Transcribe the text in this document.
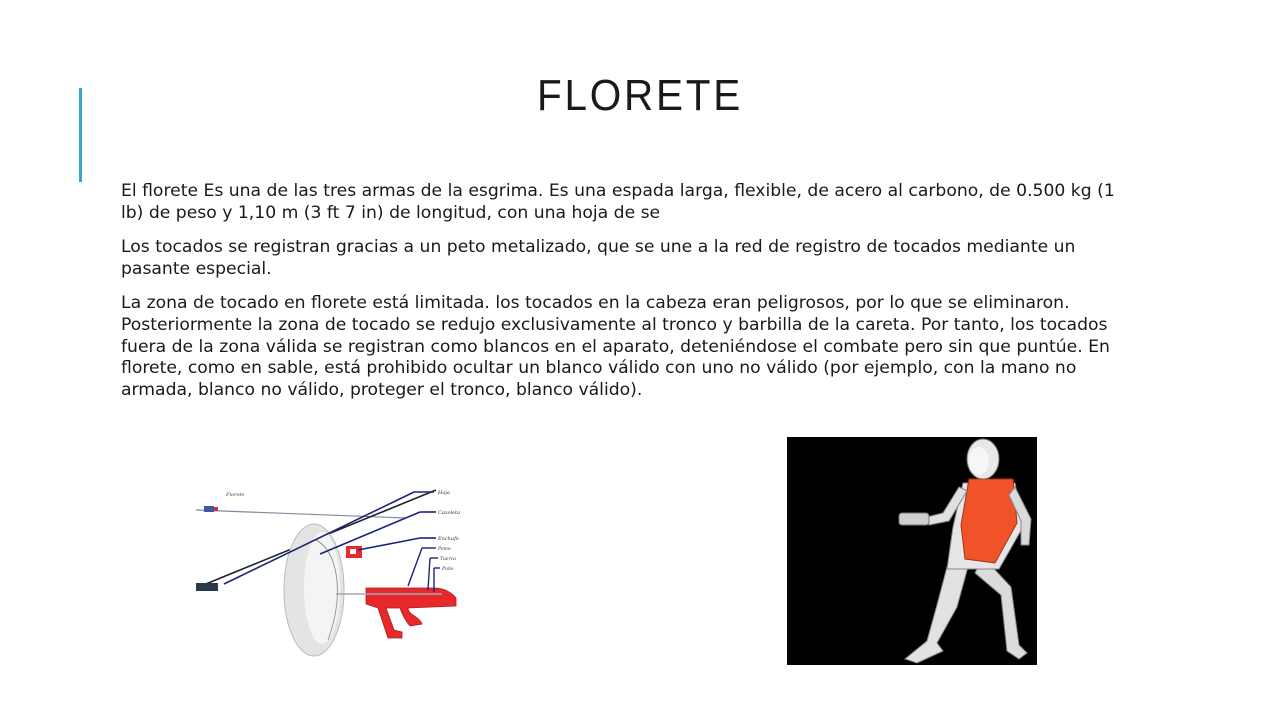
FLORETE

El florete Es una de las tres armas de la esgrima. Es una espada larga, flexible, de acero al carbono, de 0.500 kg (1 lb) de peso y 1,10 m (3 ft 7 in) de longitud, con una hoja de se

Los tocados se registran gracias a un peto metalizado, que se une a la red de registro de tocados mediante un pasante especial.

La zona de tocado en florete está limitada. los tocados en la cabeza eran peligrosos, por lo que se eliminaron. Posteriormente la zona de tocado se redujo exclusivamente al tronco y barbilla de la careta. Por tanto, los tocados fuera de la zona válida se registran como blancos en el aparato, deteniéndose el combate pero sin que puntúe. En florete, como en sable, está prohibido ocultar un blanco válido con uno no válido (por ejemplo, con la mano no armada, blanco no válido, proteger el tronco, blanco válido).

Florete	Hoja
Cazoleta
Enchufe
Pomo
Tuerca
Puño
